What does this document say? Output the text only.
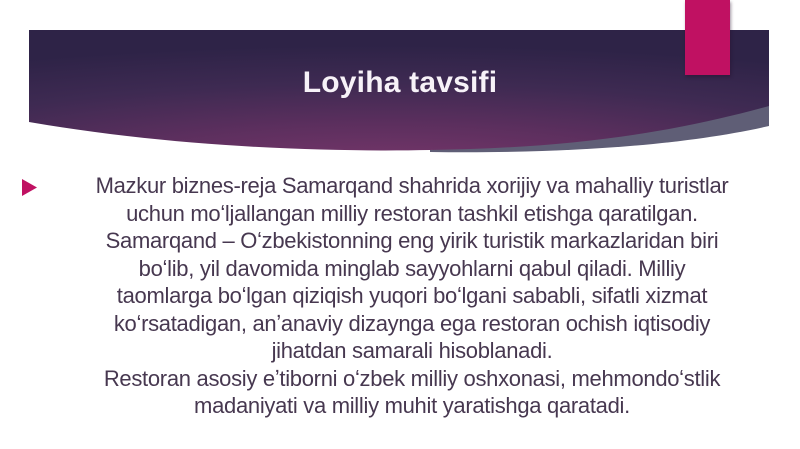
Loyiha tavsifi
Mazkur biznes-reja Samarqand shahrida xorijiy va mahalliy turistlar
uchun moʻljallangan milliy restoran tashkil etishga qaratilgan.
Samarqand – Oʻzbekistonning eng yirik turistik markazlaridan biri
boʻlib, yil davomida minglab sayyohlarni qabul qiladi. Milliy
taomlarga boʻlgan qiziqish yuqori boʻlgani sababli, sifatli xizmat
koʻrsatadigan, anʼanaviy dizaynga ega restoran ochish iqtisodiy
jihatdan samarali hisoblanadi.
Restoran asosiy eʼtiborni oʻzbek milliy oshxonasi, mehmondoʻstlik
madaniyati va milliy muhit yaratishga qaratadi.
